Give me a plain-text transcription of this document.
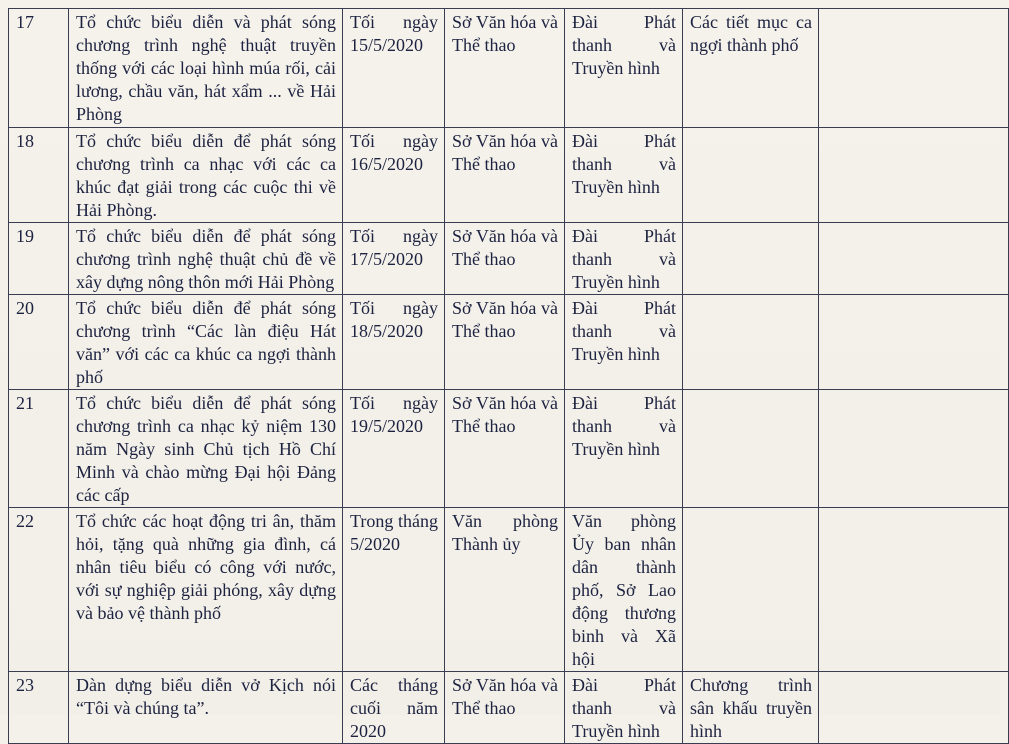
17	Tổ chức biểu diễn và phát sóng chương trình nghệ thuật truyền thống với các loại hình múa rối, cải lương, chầu văn, hát xẩm ... về Hải Phòng	Tối ngày 15/5/2020	Sở Văn hóa và Thể thao	Đài Phát thanh và Truyền hình	Các tiết mục ca ngợi thành phố	
18	Tổ chức biểu diễn để phát sóng chương trình ca nhạc với các ca khúc đạt giải trong các cuộc thi về Hải Phòng.	Tối ngày 16/5/2020	Sở Văn hóa và Thể thao	Đài Phát thanh và Truyền hình		
19	Tổ chức biểu diễn để phát sóng chương trình nghệ thuật chủ đề về xây dựng nông thôn mới Hải Phòng	Tối ngày 17/5/2020	Sở Văn hóa và Thể thao	Đài Phát thanh và Truyền hình		
20	Tổ chức biểu diễn để phát sóng chương trình “Các làn điệu Hát văn” với các ca khúc ca ngợi thành phố	Tối ngày 18/5/2020	Sở Văn hóa và Thể thao	Đài Phát thanh và Truyền hình		
21	Tổ chức biểu diễn để phát sóng chương trình ca nhạc kỷ niệm 130 năm Ngày sinh Chủ tịch Hồ Chí Minh và chào mừng Đại hội Đảng các cấp	Tối ngày 19/5/2020	Sở Văn hóa và Thể thao	Đài Phát thanh và Truyền hình		
22	Tổ chức các hoạt động tri ân, thăm hỏi, tặng quà những gia đình, cá nhân tiêu biểu có công với nước, với sự nghiệp giải phóng, xây dựng và bảo vệ thành phố	Trong tháng 5/2020	Văn phòng Thành ủy	Văn phòng Ủy ban nhân dân thành phố, Sở Lao động thương binh và Xã hội		
23	Dàn dựng biểu diễn vở Kịch nói “Tôi và chúng ta”.	Các tháng cuối năm 2020	Sở Văn hóa và Thể thao	Đài Phát thanh và Truyền hình	Chương trình sân khấu truyền hình	
